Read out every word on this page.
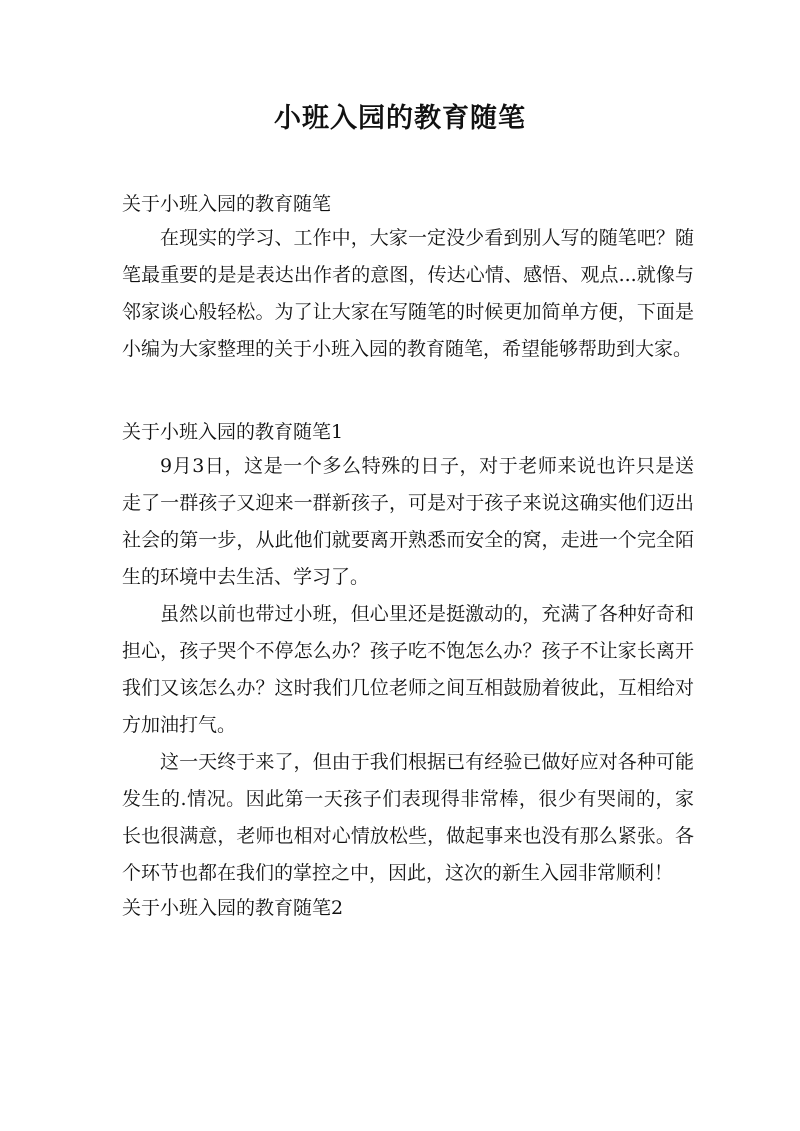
小班入园的教育随笔
关于小班入园的教育随笔

在现实的学习、工作中，大家一定没少看到别人写的随笔吧？随笔最重要的是是表达出作者的意图，传达心情、感悟、观点...就像与邻家谈心般轻松。为了让大家在写随笔的时候更加简单方便，下面是小编为大家整理的关于小班入园的教育随笔，希望能够帮助到大家。

关于小班入园的教育随笔1

9月3日，这是一个多么特殊的日子，对于老师来说也许只是送走了一群孩子又迎来一群新孩子，可是对于孩子来说这确实他们迈出社会的第一步，从此他们就要离开熟悉而安全的窝，走进一个完全陌生的环境中去生活、学习了。

虽然以前也带过小班，但心里还是挺激动的，充满了各种好奇和担心，孩子哭个不停怎么办？孩子吃不饱怎么办？孩子不让家长离开我们又该怎么办？这时我们几位老师之间互相鼓励着彼此，互相给对方加油打气。

这一天终于来了，但由于我们根据已有经验已做好应对各种可能发生的.情况。因此第一天孩子们表现得非常棒，很少有哭闹的，家长也很满意，老师也相对心情放松些，做起事来也没有那么紧张。各个环节也都在我们的掌控之中，因此，这次的新生入园非常顺利！

关于小班入园的教育随笔2
